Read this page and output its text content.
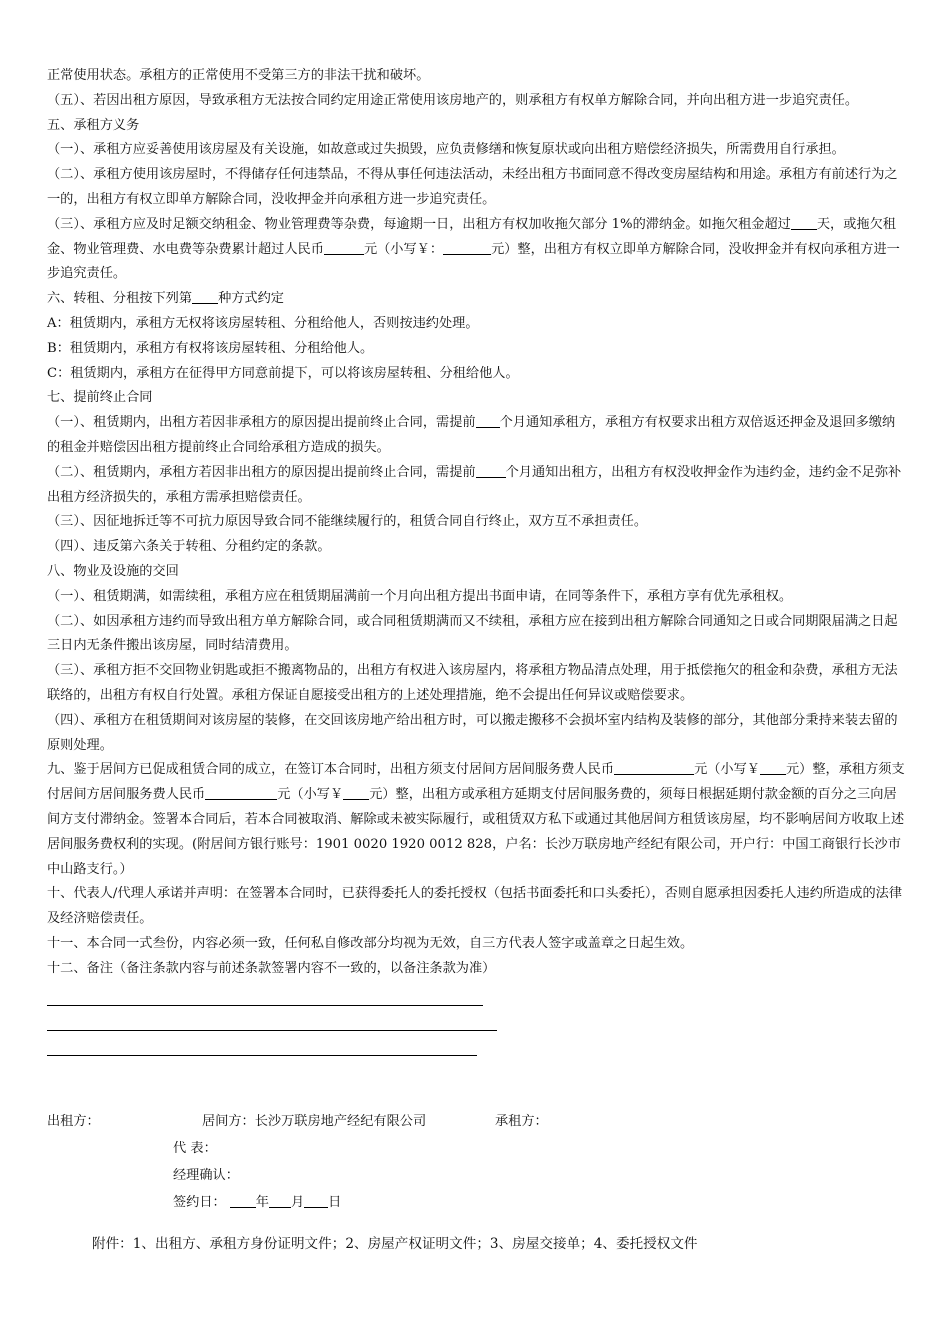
正常使用状态。承租方的正常使用不受第三方的非法干扰和破坏。

（五）、若因出租方原因，导致承租方无法按合同约定用途正常使用该房地产的，则承租方有权单方解除合同，并向出租方进一步追究责任。

五、承租方义务

（一）、承租方应妥善使用该房屋及有关设施，如故意或过失损毁，应负责修缮和恢复原状或向出租方赔偿经济损失，所需费用自行承担。

（二）、承租方使用该房屋时，不得储存任何违禁品，不得从事任何违法活动，未经出租方书面同意不得改变房屋结构和用途。承租方有前述行为之一的，出租方有权立即单方解除合同，没收押金并向承租方进一步追究责任。

（三）、承租方应及时足额交纳租金、物业管理费等杂费，每逾期一日，出租方有权加收拖欠部分 1%的滞纳金。如拖欠租金超过 天，或拖欠租金、物业管理费、水电费等杂费累计超过人民币	元（小写￥：	元）整，出租方有权立即单方解除合同，没收押金并有权向承租方进一步追究责任。

六、转租、分租按下列第 种方式约定

A：租赁期内，承租方无权将该房屋转租、分租给他人，否则按违约处理。

B：租赁期内，承租方有权将该房屋转租、分租给他人。

C：租赁期内，承租方在征得甲方同意前提下，可以将该房屋转租、分租给他人。

七、提前终止合同

（一）、租赁期内，出租方若因非承租方的原因提出提前终止合同，需提前 个月通知承租方，承租方有权要求出租方双倍返还押金及退回多缴纳的租金并赔偿因出租方提前终止合同给承租方造成的损失。

（二）、租赁期内，承租方若因非出租方的原因提出提前终止合同，需提前 个月通知出租方，出租方有权没收押金作为违约金，违约金不足弥补出租方经济损失的，承租方需承担赔偿责任。

（三）、因征地拆迁等不可抗力原因导致合同不能继续履行的，租赁合同自行终止，双方互不承担责任。

（四）、违反第六条关于转租、分租约定的条款。

八、物业及设施的交回

（一）、租赁期满，如需续租，承租方应在租赁期届满前一个月向出租方提出书面申请，在同等条件下，承租方享有优先承租权。

（二）、如因承租方违约而导致出租方单方解除合同，或合同租赁期满而又不续租，承租方应在接到出租方解除合同通知之日或合同期限届满之日起三日内无条件搬出该房屋，同时结清费用。

（三）、承租方拒不交回物业钥匙或拒不搬离物品的，出租方有权进入该房屋内，将承租方物品清点处理，用于抵偿拖欠的租金和杂费，承租方无法联络的，出租方有权自行处置。承租方保证自愿接受出租方的上述处理措施，绝不会提出任何异议或赔偿要求。

（四）、承租方在租赁期间对该房屋的装修，在交回该房地产给出租方时，可以搬走搬移不会损坏室内结构及装修的部分，其他部分秉持来装去留的原则处理。

九、鉴于居间方已促成租赁合同的成立，在签订本合同时，出租方须支付居间方居间服务费人民币	元（小写￥ 元）整，承租方须支付居间方居间服务费人民币	元（小写￥ 元）整，出租方或承租方延期支付居间服务费的，须每日根据延期付款金额的百分之三向居间方支付滞纳金。签署本合同后，若本合同被取消、解除或未被实际履行，或租赁双方私下或通过其他居间方租赁该房屋，均不影响居间方收取上述居间服务费权利的实现。(附居间方银行账号：1901 0020 1920 0012 828，户名：长沙万联房地产经纪有限公司，开户行：中国工商银行长沙市中山路支行。）

十、代表人/代理人承诺并声明：在签署本合同时，已获得委托人的委托授权（包括书面委托和口头委托），否则自愿承担因委托人违约所造成的法律及经济赔偿责任。

十一、本合同一式叁份，内容必须一致，任何私自修改部分均视为无效，自三方代表人签字或盖章之日起生效。

十二、备注（备注条款内容与前述条款签署内容不一致的，以备注条款为准）

出租方：	居间方：长沙万联房地产经纪有限公司	承租方：
代 表：
经理确认：
签约日： 年 月 日
附件：1、出租方、承租方身份证明文件；2、房屋产权证明文件；3、房屋交接单；4、委托授权文件
